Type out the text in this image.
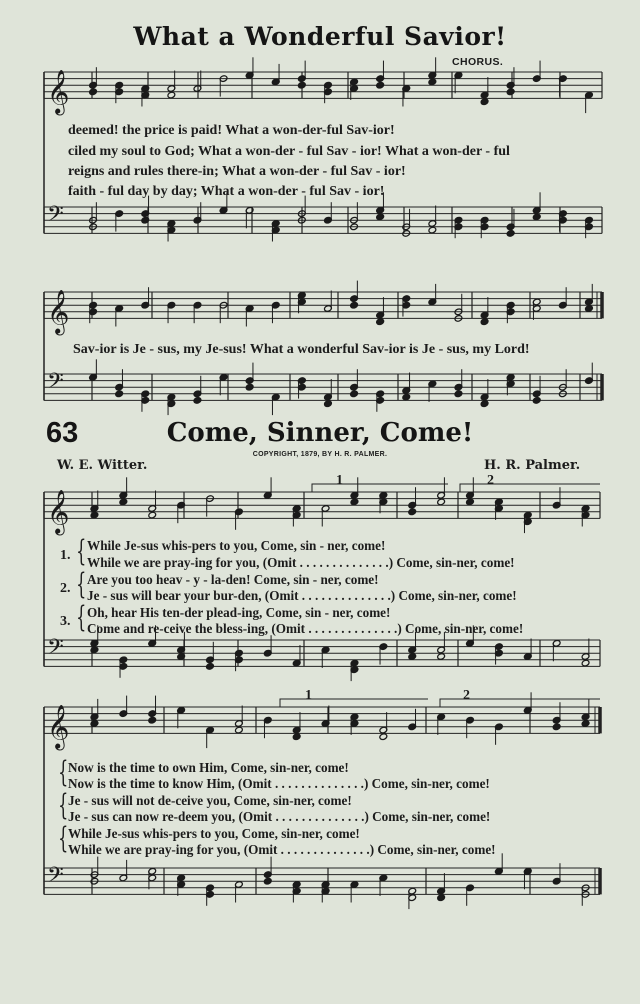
𝄞
𝄢
𝄞
𝄢
𝄞
𝄢
𝄞
𝄢
What a Wonderful Savior!
CHORUS.
deemed! the price is paid! What a won-der-ful Sav-ior!
ciled my soul to God; What a won-der - ful Sav - ior! What a won-der - ful
reigns and rules there-in; What a won-der - ful Sav - ior!
faith - ful day by day; What a won-der - ful Sav - ior!
Sav-ior is Je - sus, my Je-sus! What a wonderful Sav-ior is Je - sus, my Lord!
63	Come, Sinner, Come!
COPYRIGHT, 1879, BY H. R. PALMER.
W. E. Witter.	H. R. Palmer.
1	2
1	2
1. { While Je-sus whis-pers to you, Come, sin - ner, come!
While we are pray-ing for you, (Omit . . . . . . . . . . . . . .) Come, sin-ner, come!
2. { Are you too heav - y - la-den! Come, sin - ner, come!
Je - sus will bear your bur-den, (Omit . . . . . . . . . . . . . .) Come, sin-ner, come!
3. { Oh, hear His ten-der plead-ing, Come, sin - ner, come!
Come and re-ceive the bless-ing, (Omit . . . . . . . . . . . . . .) Come, sin-ner, come!
{ Now is the time to own Him, Come, sin-ner, come!
Now is the time to know Him, (Omit . . . . . . . . . . . . . .) Come, sin-ner, come!
{ Je - sus will not de-ceive you, Come, sin-ner, come!
Je - sus can now re-deem you, (Omit . . . . . . . . . . . . . .) Come, sin-ner, come!
{ While Je-sus whis-pers to you, Come, sin-ner, come!
While we are pray-ing for you, (Omit . . . . . . . . . . . . . .) Come, sin-ner, come!
